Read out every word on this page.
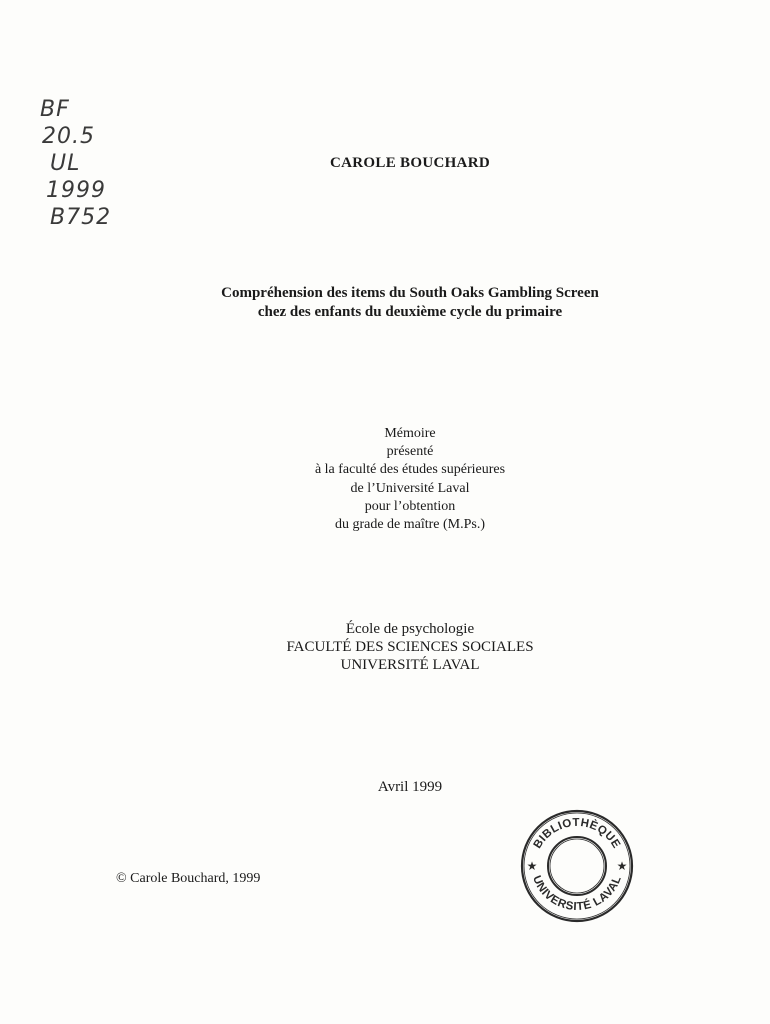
BF
20.5
UL
1999
B752
CAROLE BOUCHARD
Compréhension des items du South Oaks Gambling Screen
chez des enfants du deuxième cycle du primaire
Mémoire
présenté
à la faculté des études supérieures
de l’Université Laval
pour l’obtention
du grade de maître (M.Ps.)
École de psychologie
FACULTÉ DES SCIENCES SOCIALES
UNIVERSITÉ LAVAL
Avril 1999
© Carole Bouchard, 1999
BIBLIOTHÈQUE
UNIVERSITÉ LAVAL
★	★
